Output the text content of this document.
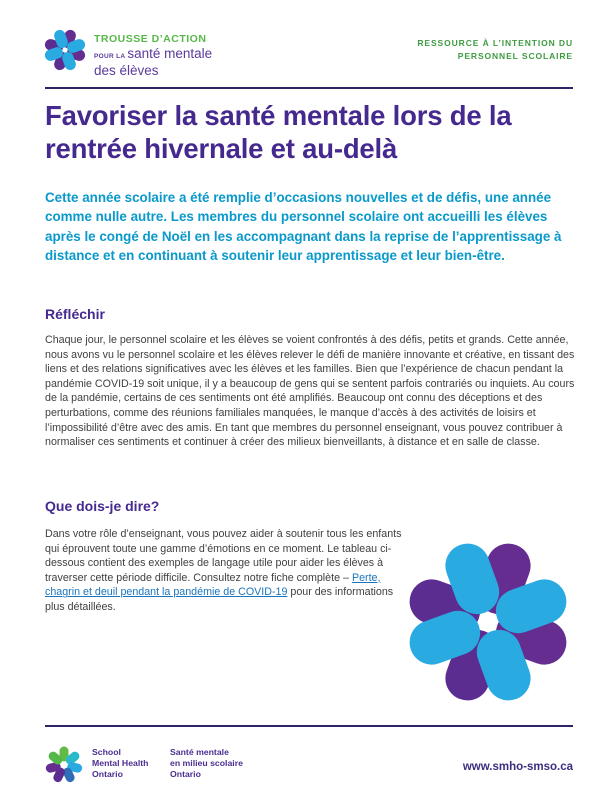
TROUSSE D’ACTION
POUR LA santé mentale
des élèves
RESSOURCE À L’INTENTION DU
PERSONNEL SCOLAIRE
Favoriser la santé mentale lors de la rentrée hivernale et au-delà

Cette année scolaire a été remplie d’occasions nouvelles et de défis, une année comme nulle autre. Les membres du personnel scolaire ont accueilli les élèves après le congé de Noël en les accompagnant dans la reprise de l’apprentissage à distance et en continuant à soutenir leur apprentissage et leur bien-être.

Réfléchir

Chaque jour, le personnel scolaire et les élèves se voient confrontés à des défis, petits et grands. Cette année, nous avons vu le personnel scolaire et les élèves relever le défi de manière innovante et créative, en tissant des liens et des relations significatives avec les élèves et les familles. Bien que l’expérience de chacun pendant la pandémie COVID-19 soit unique, il y a beaucoup de gens qui se sentent parfois contrariés ou inquiets. Au cours de la pandémie, certains de ces sentiments ont été amplifiés. Beaucoup ont connu des déceptions et des perturbations, comme des réunions familiales manquées, le manque d’accès à des activités de loisirs et l’impossibilité d’être avec des amis. En tant que membres du personnel enseignant, vous pouvez contribuer à normaliser ces sentiments et continuer à créer des milieux bienveillants, à distance et en salle de classe.

Que dois-je dire?

Dans votre rôle d’enseignant, vous pouvez aider à soutenir tous les enfants qui éprouvent toute une gamme d’émotions en ce moment. Le tableau ci-dessous contient des exemples de langage utile pour aider les élèves à traverser cette période difficile. Consultez notre fiche complète – Perte, chagrin et deuil pendant la pandémie de COVID-19 pour des informations plus détaillées.

School
Mental Health
Ontario
Santé mentale
en milieu scolaire
Ontario
www.smho-smso.ca
